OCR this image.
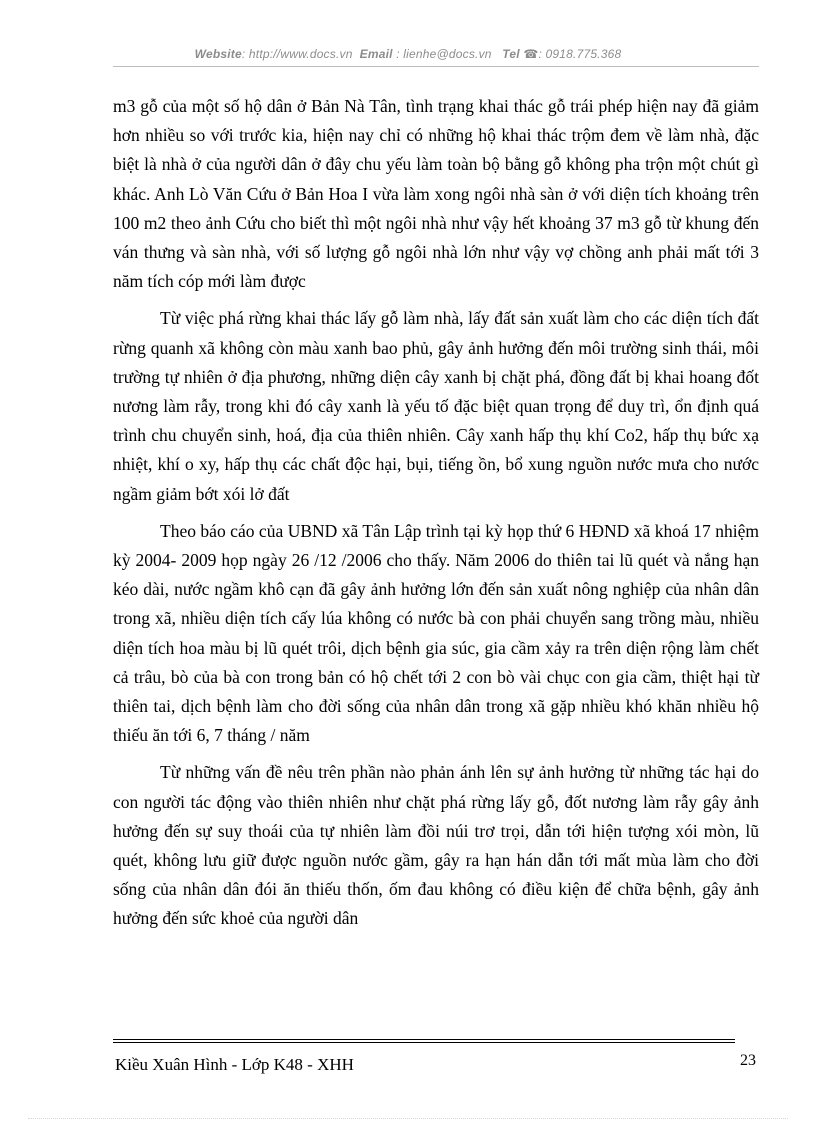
Website: http://www.docs.vn Email : lienhe@docs.vn Tel ☎: 0918.775.368

m3 gỗ của một số hộ dân ở Bản Nà Tân, tình trạng khai thác gỗ trái phép hiện nay đã giảm hơn nhiều so với trước kia, hiện nay chỉ có những hộ khai thác trộm đem về làm nhà, đặc biệt là nhà ở của người dân ở đây chu yếu làm toàn bộ bằng gỗ không pha trộn một chút gì khác. Anh Lò Văn Cứu ở Bản Hoa I vừa làm xong ngôi nhà sàn ở với diện tích khoảng trên 100 m2 theo ảnh Cứu cho biết thì một ngôi nhà như vậy hết khoảng 37 m3 gỗ từ khung đến ván thưng và sàn nhà, với số lượng gỗ ngôi nhà lớn như vậy vợ chồng anh phải mất tới 3 năm tích cóp mới làm được

Từ việc phá rừng khai thác lấy gỗ làm nhà, lấy đất sản xuất làm cho các diện tích đất rừng quanh xã không còn màu xanh bao phủ, gây ảnh hưởng đến môi trường sinh thái, môi trường tự nhiên ở địa phương, những diện cây xanh bị chặt phá, đồng đất bị khai hoang đốt nương làm rẫy, trong khi đó cây xanh là yếu tố đặc biệt quan trọng để duy trì, ổn định quá trình chu chuyển sinh, hoá, địa của thiên nhiên. Cây xanh hấp thụ khí Co2, hấp thụ bức xạ nhiệt, khí o xy, hấp thụ các chất độc hại, bụi, tiếng ồn, bổ xung nguồn nước mưa cho nước ngầm giảm bớt xói lở đất

Theo báo cáo của UBND xã Tân Lập trình tại kỳ họp thứ 6 HĐND xã khoá 17 nhiệm kỳ 2004- 2009 họp ngày 26 /12 /2006 cho thấy. Năm 2006 do thiên tai lũ quét và nắng hạn kéo dài, nước ngầm khô cạn đã gây ảnh hưởng lớn đến sản xuất nông nghiệp của nhân dân trong xã, nhiều diện tích cấy lúa không có nước bà con phải chuyển sang trồng màu, nhiều diện tích hoa màu bị lũ quét trôi, dịch bệnh gia súc, gia cầm xảy ra trên diện rộng làm chết cả trâu, bò của bà con trong bản có hộ chết tới 2 con bò vài chục con gia cầm, thiệt hại từ thiên tai, dịch bệnh làm cho đời sống của nhân dân trong xã gặp nhiều khó khăn nhiều hộ thiếu ăn tới 6, 7 tháng / năm

Từ những vấn đề nêu trên phần nào phản ánh lên sự ảnh hưởng từ những tác hại do con người tác động vào thiên nhiên như chặt phá rừng lấy gỗ, đốt nương làm rẫy gây ảnh hưởng đến sự suy thoái của tự nhiên làm đồi núi trơ trọi, dẫn tới hiện tượng xói mòn, lũ quét, không lưu giữ được nguồn nước gầm, gây ra hạn hán dẫn tới mất mùa làm cho đời sống của nhân dân đói ăn thiếu thốn, ốm đau không có điều kiện để chữa bệnh, gây ảnh hưởng đến sức khoẻ của người dân

Kiều Xuân Hình - Lớp K48 - XHH	23
